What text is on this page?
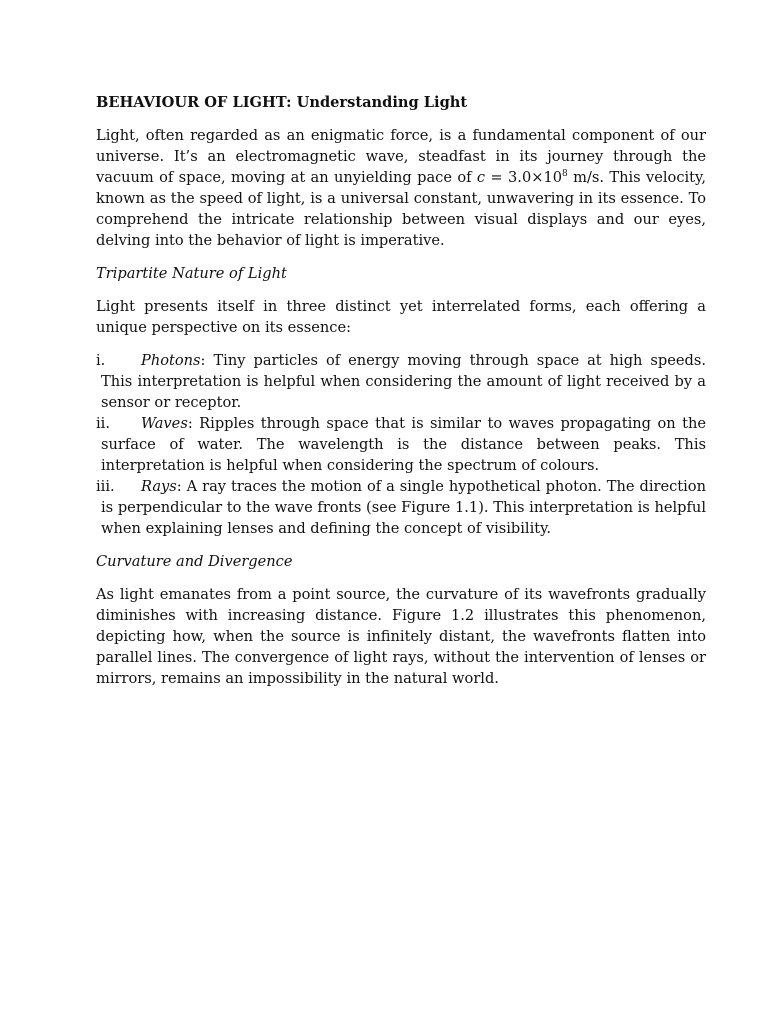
BEHAVIOUR OF LIGHT: Understanding Light

Light, often regarded as an enigmatic force, is a fundamental component of our universe. It’s an electromagnetic wave, steadfast in its journey through the vacuum of space, moving at an unyielding pace of $c = 3.0\times 10^8$ m/s. This velocity, known as the speed of light, is a universal constant, unwavering in its essence. To comprehend the intricate relationship between visual displays and our eyes, delving into the behavior of light is imperative.

Tripartite Nature of Light

Light presents itself in three distinct yet interrelated forms, each offering a unique perspective on its essence:

i. Photons: Tiny particles of energy moving through space at high speeds. This interpretation is helpful when considering the amount of light received by a sensor or receptor.
ii. Waves: Ripples through space that is similar to waves propagating on the surface of water. The wavelength is the distance between peaks. This interpretation is helpful when considering the spectrum of colours.
iii. Rays: A ray traces the motion of a single hypothetical photon. The direction is perpendicular to the wave fronts (see Figure 1.1). This interpretation is helpful when explaining lenses and defining the concept of visibility.
Curvature and Divergence

As light emanates from a point source, the curvature of its wavefronts gradually diminishes with increasing distance. Figure 1.2 illustrates this phenomenon, depicting how, when the source is infinitely distant, the wavefronts flatten into parallel lines. The convergence of light rays, without the intervention of lenses or mirrors, remains an impossibility in the natural world.
